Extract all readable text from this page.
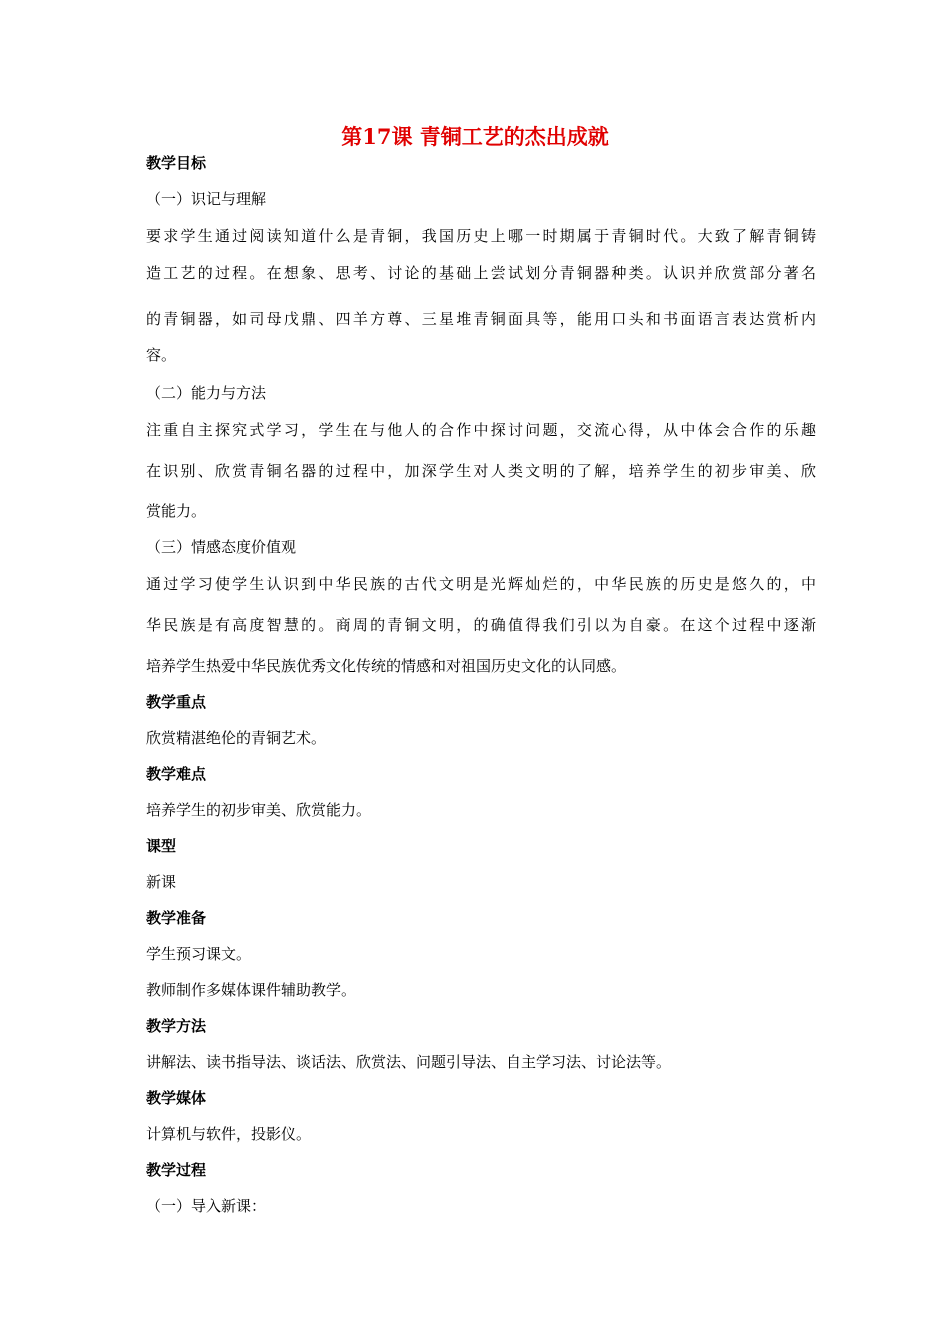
第17课 青铜工艺的杰出成就
教学目标
（一）识记与理解
要求学生通过阅读知道什么是青铜，我国历史上哪一时期属于青铜时代。大致了解青铜铸
造工艺的过程。在想象、思考、讨论的基础上尝试划分青铜器种类。认识并欣赏部分著名
的青铜器，如司母戊鼎、四羊方尊、三星堆青铜面具等，能用口头和书面语言表达赏析内
容。
（二）能力与方法
注重自主探究式学习，学生在与他人的合作中探讨问题，交流心得，从中体会合作的乐趣
在识别、欣赏青铜名器的过程中，加深学生对人类文明的了解，培养学生的初步审美、欣
赏能力。
（三）情感态度价值观
通过学习使学生认识到中华民族的古代文明是光辉灿烂的，中华民族的历史是悠久的，中
华民族是有高度智慧的。商周的青铜文明，的确值得我们引以为自豪。在这个过程中逐渐
培养学生热爱中华民族优秀文化传统的情感和对祖国历史文化的认同感。
教学重点
欣赏精湛绝伦的青铜艺术。
教学难点
培养学生的初步审美、欣赏能力。
课型
新课
教学准备
学生预习课文。
教师制作多媒体课件辅助教学。
教学方法
讲解法、读书指导法、谈话法、欣赏法、问题引导法、自主学习法、讨论法等。
教学媒体
计算机与软件，投影仪。
教学过程
（一）导入新课：
